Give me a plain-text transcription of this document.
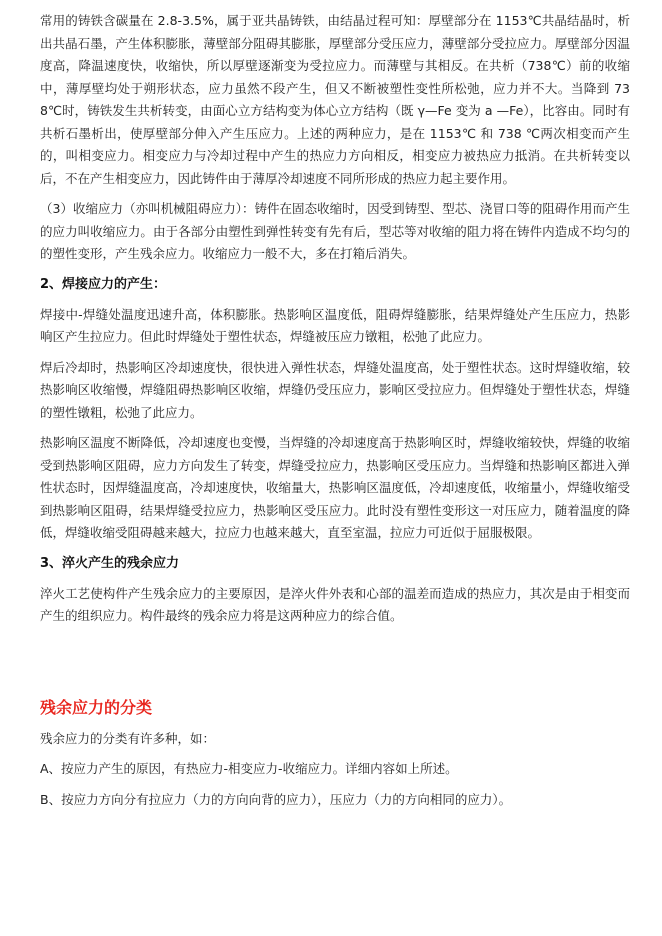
常用的铸铁含碳量在 2.8-3.5%，属于亚共晶铸铁，由结晶过程可知：厚壁部分在 1153℃共晶结晶时，析出共晶石墨，产生体积膨胀，薄壁部分阻碍其膨胀，厚壁部分受压应力，薄壁部分受拉应力。厚壁部分因温度高，降温速度快，收缩快，所以厚壁逐渐变为受拉应力。而薄壁与其相反。在共析（738℃）前的收缩中，薄厚壁均处于朔形状态，应力虽然不段产生，但又不断被塑性变性所松弛，应力并不大。当降到 738℃时，铸铁发生共析转变，由面心立方结构变为体心立方结构（既 γ—Fe 变为 a —Fe），比容由。同时有共析石墨析出，使厚壁部分伸入产生压应力。上述的两种应力，是在 1153℃ 和 738 ℃两次相变而产生的，叫相变应力。相变应力与冷却过程中产生的热应力方向相反，相变应力被热应力抵消。在共析转变以后，不在产生相变应力，因此铸件由于薄厚冷却速度不同所形成的热应力起主要作用。

（3）收缩应力（亦叫机械阻碍应力）：铸件在固态收缩时，因受到铸型、型芯、浇冒口等的阻碍作用而产生的应力叫收缩应力。由于各部分由塑性到弹性转变有先有后，型芯等对收缩的阻力将在铸件内造成不均匀的的塑性变形，产生残余应力。收缩应力一般不大，多在打箱后消失。

2、焊接应力的产生：

焊接中-焊缝处温度迅速升高，体积膨胀。热影响区温度低，阻碍焊缝膨胀，结果焊缝处产生压应力，热影响区产生拉应力。但此时焊缝处于塑性状态，焊缝被压应力镦粗，松弛了此应力。

焊后冷却时，热影响区冷却速度快，很快进入弹性状态，焊缝处温度高，处于塑性状态。这时焊缝收缩，较热影响区收缩慢，焊缝阻碍热影响区收缩，焊缝仍受压应力，影响区受拉应力。但焊缝处于塑性状态，焊缝的塑性镦粗，松弛了此应力。

热影响区温度不断降低，冷却速度也变慢，当焊缝的冷却速度高于热影响区时，焊缝收缩较快，焊缝的收缩受到热影响区阻碍，应力方向发生了转变，焊缝受拉应力，热影响区受压应力。当焊缝和热影响区都进入弹性状态时，因焊缝温度高，冷却速度快，收缩量大，热影响区温度低，冷却速度低，收缩量小，焊缝收缩受到热影响区阻碍，结果焊缝受拉应力，热影响区受压应力。此时没有塑性变形这一对压应力，随着温度的降低，焊缝收缩受阻碍越来越大，拉应力也越来越大，直至室温，拉应力可近似于屈服极限。

3、淬火产生的残余应力

淬火工艺使构件产生残余应力的主要原因，是淬火件外表和心部的温差而造成的热应力，其次是由于相变而产生的组织应力。构件最终的残余应力将是这两种应力的综合值。

残余应力的分类

残余应力的分类有许多种，如：

A、按应力产生的原因，有热应力-相变应力-收缩应力。详细内容如上所述。

B、按应力方向分有拉应力（力的方向向背的应力），压应力（力的方向相同的应力）。
